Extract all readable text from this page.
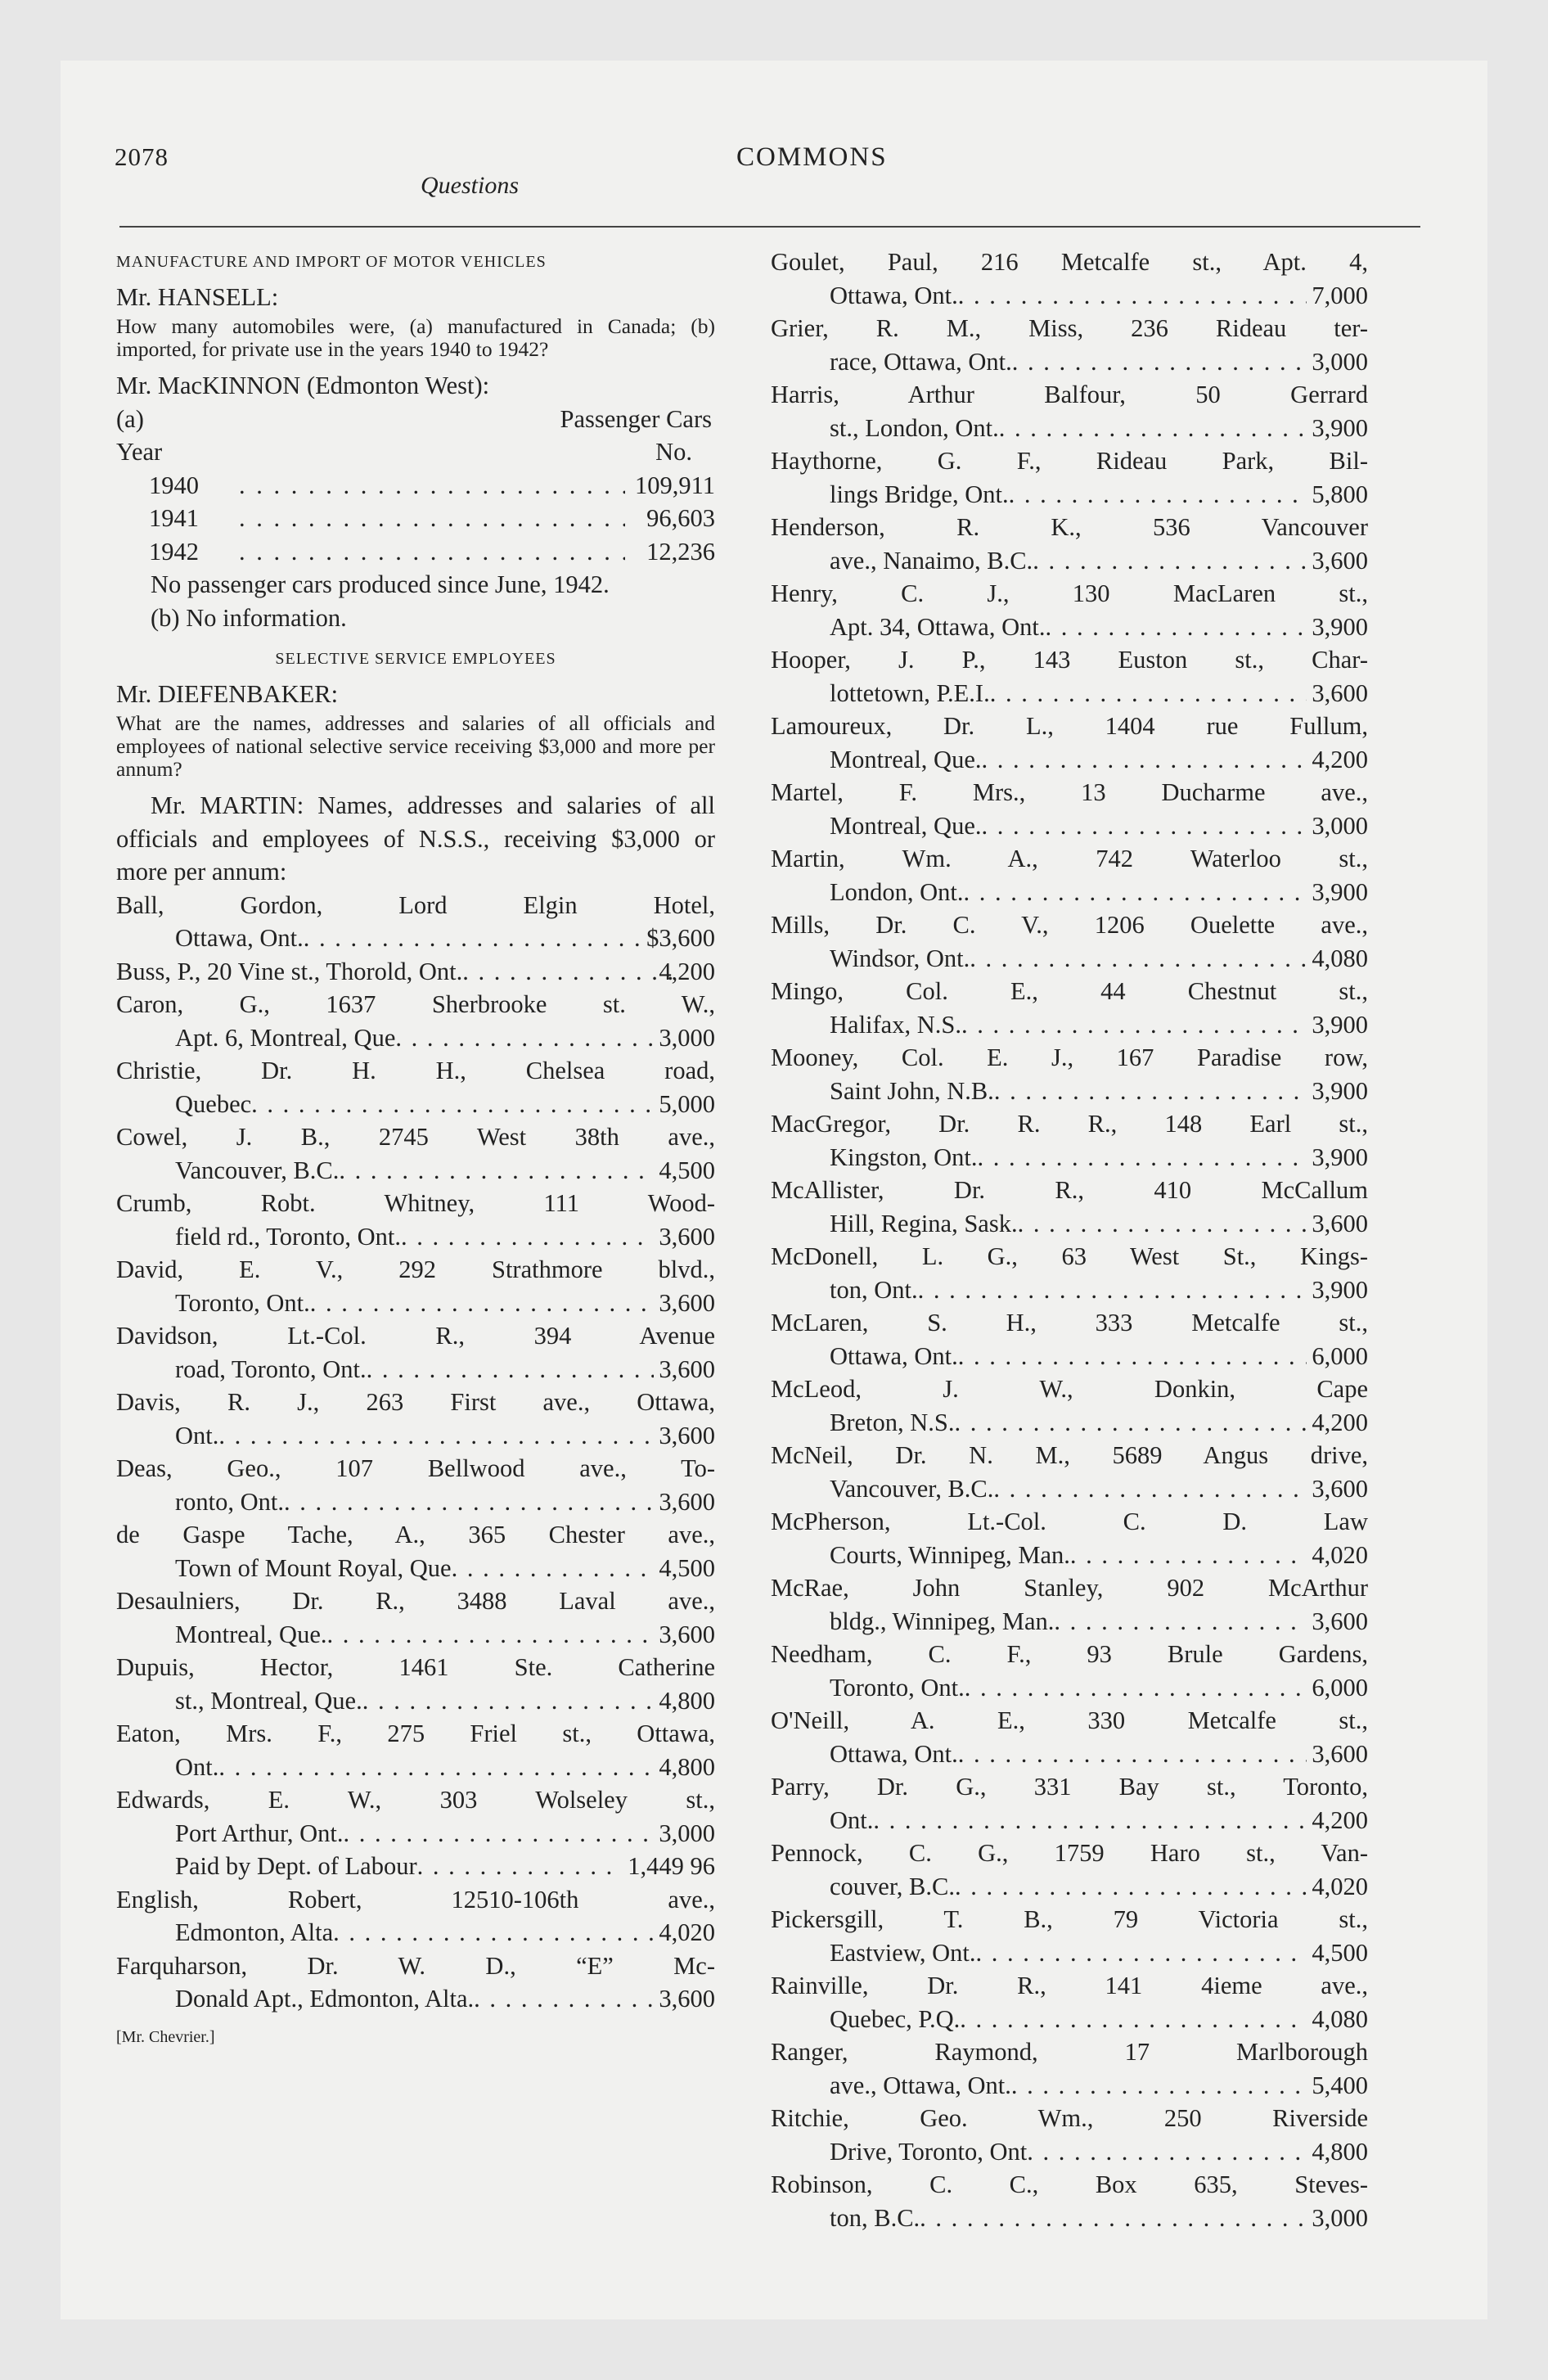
2078	COMMONS
Questions
MANUFACTURE AND IMPORT OF MOTOR VEHICLES
Mr. HANSELL:
How many automobiles were, (a) manufactured in Canada; (b) imported, for private use in the years 1940 to 1942?
Mr. MacKINNON (Edmonton West):
(a)	Passenger Cars
Year	No.
1940 . . .	109,911
1941 . . .	96,603
1942 . . .	12,236
No passenger cars produced since June, 1942.
(b) No information.
SELECTIVE SERVICE EMPLOYEES
Mr. DIEFENBAKER:
What are the names, addresses and salaries of all officials and employees of national selective service receiving $3,000 and more per annum?
Mr. MARTIN: Names, addresses and salaries of all officials and employees of N.S.S., receiving $3,000 or more per annum:
Ball, Gordon, Lord Elgin Hotel,
Ottawa, Ont. . . .	$3,600
Buss, P., 20 Vine st., Thorold, Ont. . . .	4,200
Caron, G., 1637 Sherbrooke st. W.,
Apt. 6, Montreal, Que . . .	3,000
Christie, Dr. H. H., Chelsea road,
Quebec . . .	5,000
Cowel, J. B., 2745 West 38th ave.,
Vancouver, B.C. . . .	4,500
Crumb, Robt. Whitney, 111 Wood-
field rd., Toronto, Ont. . . .	3,600
David, E. V., 292 Strathmore blvd.,
Toronto, Ont. . . .	3,600
Davidson, Lt.-Col. R., 394 Avenue
road, Toronto, Ont. . . .	3,600
Davis, R. J., 263 First ave., Ottawa,
Ont. . . .	3,600
Deas, Geo., 107 Bellwood ave., To-
ronto, Ont. . . .	3,600
de Gaspe Tache, A., 365 Chester ave.,
Town of Mount Royal, Que . . .	4,500
Desaulniers, Dr. R., 3488 Laval ave.,
Montreal, Que. . . .	3,600
Dupuis, Hector, 1461 Ste. Catherine
st., Montreal, Que. . . .	4,800
Eaton, Mrs. F., 275 Friel st., Ottawa,
Ont. . . .	4,800
Edwards, E. W., 303 Wolseley st.,
Port Arthur, Ont. . . .	3,000
Paid by Dept. of Labour . . .	1,449 96
English, Robert, 12510-106th ave.,
Edmonton, Alta . . .	4,020
Farquharson, Dr. W. D., “E” Mc-
Donald Apt., Edmonton, Alta. . . .	3,600
[Mr. Chevrier.]
Goulet, Paul, 216 Metcalfe st., Apt. 4,
Ottawa, Ont. . . .	7,000
Grier, R. M., Miss, 236 Rideau ter-
race, Ottawa, Ont. . . .	3,000
Harris, Arthur Balfour, 50 Gerrard
st., London, Ont. . . .	3,900
Haythorne, G. F., Rideau Park, Bil-
lings Bridge, Ont. . . .	5,800
Henderson, R. K., 536 Vancouver
ave., Nanaimo, B.C. . . .	3,600
Henry, C. J., 130 MacLaren st.,
Apt. 34, Ottawa, Ont. . . .	3,900
Hooper, J. P., 143 Euston st., Char-
lottetown, P.E.I. . . .	3,600
Lamoureux, Dr. L., 1404 rue Fullum,
Montreal, Que. . . .	4,200
Martel, F. Mrs., 13 Ducharme ave.,
Montreal, Que. . . .	3,000
Martin, Wm. A., 742 Waterloo st.,
London, Ont. . . .	3,900
Mills, Dr. C. V., 1206 Ouelette ave.,
Windsor, Ont. . . .	4,080
Mingo, Col. E., 44 Chestnut st.,
Halifax, N.S. . . .	3,900
Mooney, Col. E. J., 167 Paradise row,
Saint John, N.B. . . .	3,900
MacGregor, Dr. R. R., 148 Earl st.,
Kingston, Ont. . . .	3,900
McAllister, Dr. R., 410 McCallum
Hill, Regina, Sask. . . .	3,600
McDonell, L. G., 63 West St., Kings-
ton, Ont. . . .	3,900
McLaren, S. H., 333 Metcalfe st.,
Ottawa, Ont. . . .	6,000
McLeod, J. W., Donkin, Cape
Breton, N.S. . . .	4,200
McNeil, Dr. N. M., 5689 Angus drive,
Vancouver, B.C. . . .	3,600
McPherson, Lt.-Col. C. D. Law
Courts, Winnipeg, Man. . . .	4,020
McRae, John Stanley, 902 McArthur
bldg., Winnipeg, Man. . . .	3,600
Needham, C. F., 93 Brule Gardens,
Toronto, Ont. . . .	6,000
O'Neill, A. E., 330 Metcalfe st.,
Ottawa, Ont. . . .	3,600
Parry, Dr. G., 331 Bay st., Toronto,
Ont. . . .	4,200
Pennock, C. G., 1759 Haro st., Van-
couver, B.C. . . .	4,020
Pickersgill, T. B., 79 Victoria st.,
Eastview, Ont. . . .	4,500
Rainville, Dr. R., 141 4ieme ave.,
Quebec, P.Q. . . .	4,080
Ranger, Raymond, 17 Marlborough
ave., Ottawa, Ont. . . .	5,400
Ritchie, Geo. Wm., 250 Riverside
Drive, Toronto, Ont . . .	4,800
Robinson, C. C., Box 635, Steves-
ton, B.C. . . .	3,000
